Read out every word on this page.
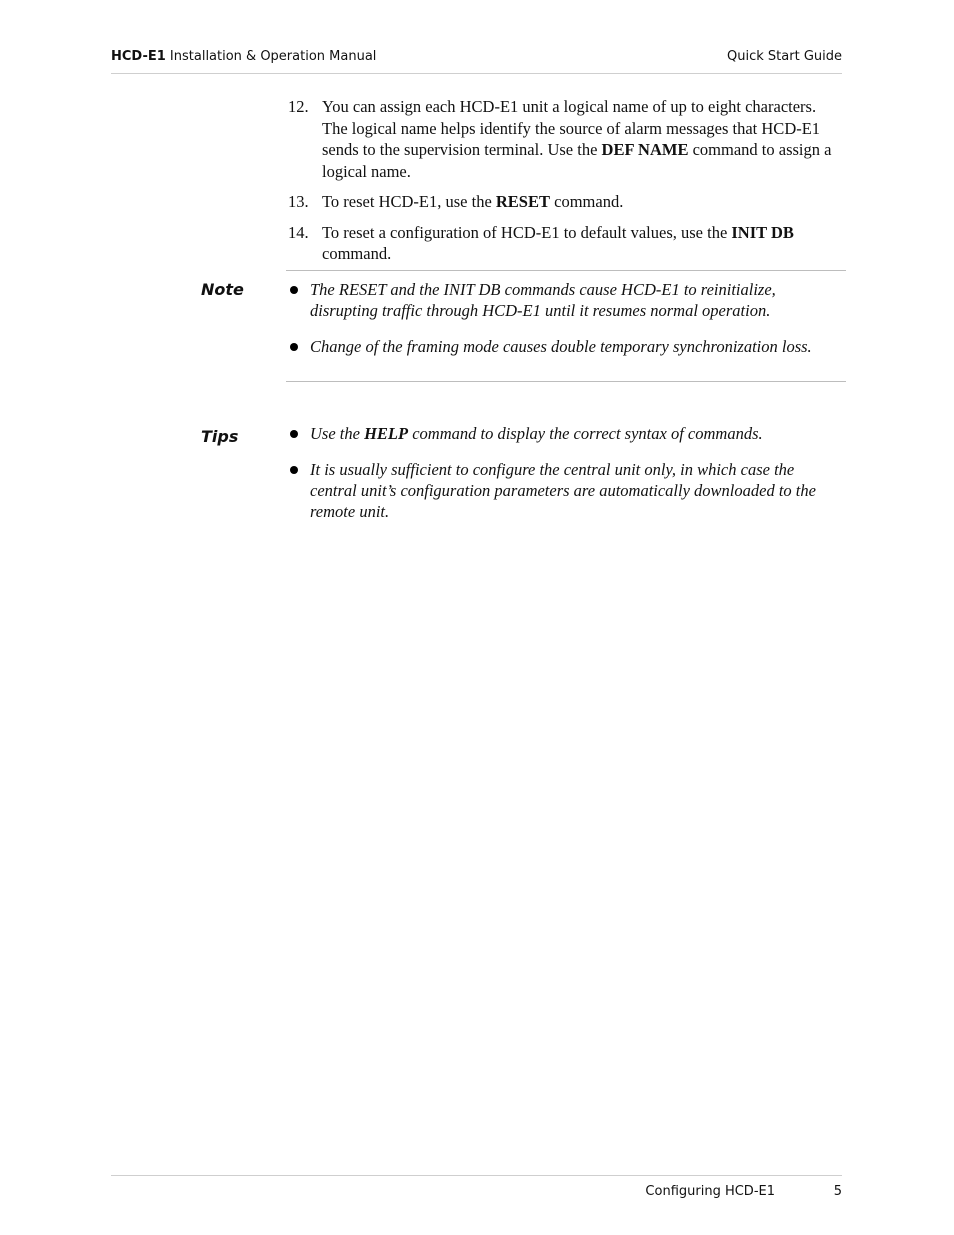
HCD-E1 Installation & Operation Manual	Quick Start Guide
12. You can assign each HCD-E1 unit a logical name of up to eight characters. The logical name helps identify the source of alarm messages that HCD-E1 sends to the supervision terminal. Use the DEF NAME command to assign a logical name.
13. To reset HCD-E1, use the RESET command.
14. To reset a configuration of HCD-E1 to default values, use the INIT DB command.
Note	The RESET and the INIT DB commands cause HCD-E1 to reinitialize, disrupting traffic through HCD-E1 until it resumes normal operation.
Change of the framing mode causes double temporary synchronization loss.
Tips	Use the HELP command to display the correct syntax of commands.
It is usually sufficient to configure the central unit only, in which case the central unit’s configuration parameters are automatically downloaded to the remote unit.
Configuring HCD-E1	5
